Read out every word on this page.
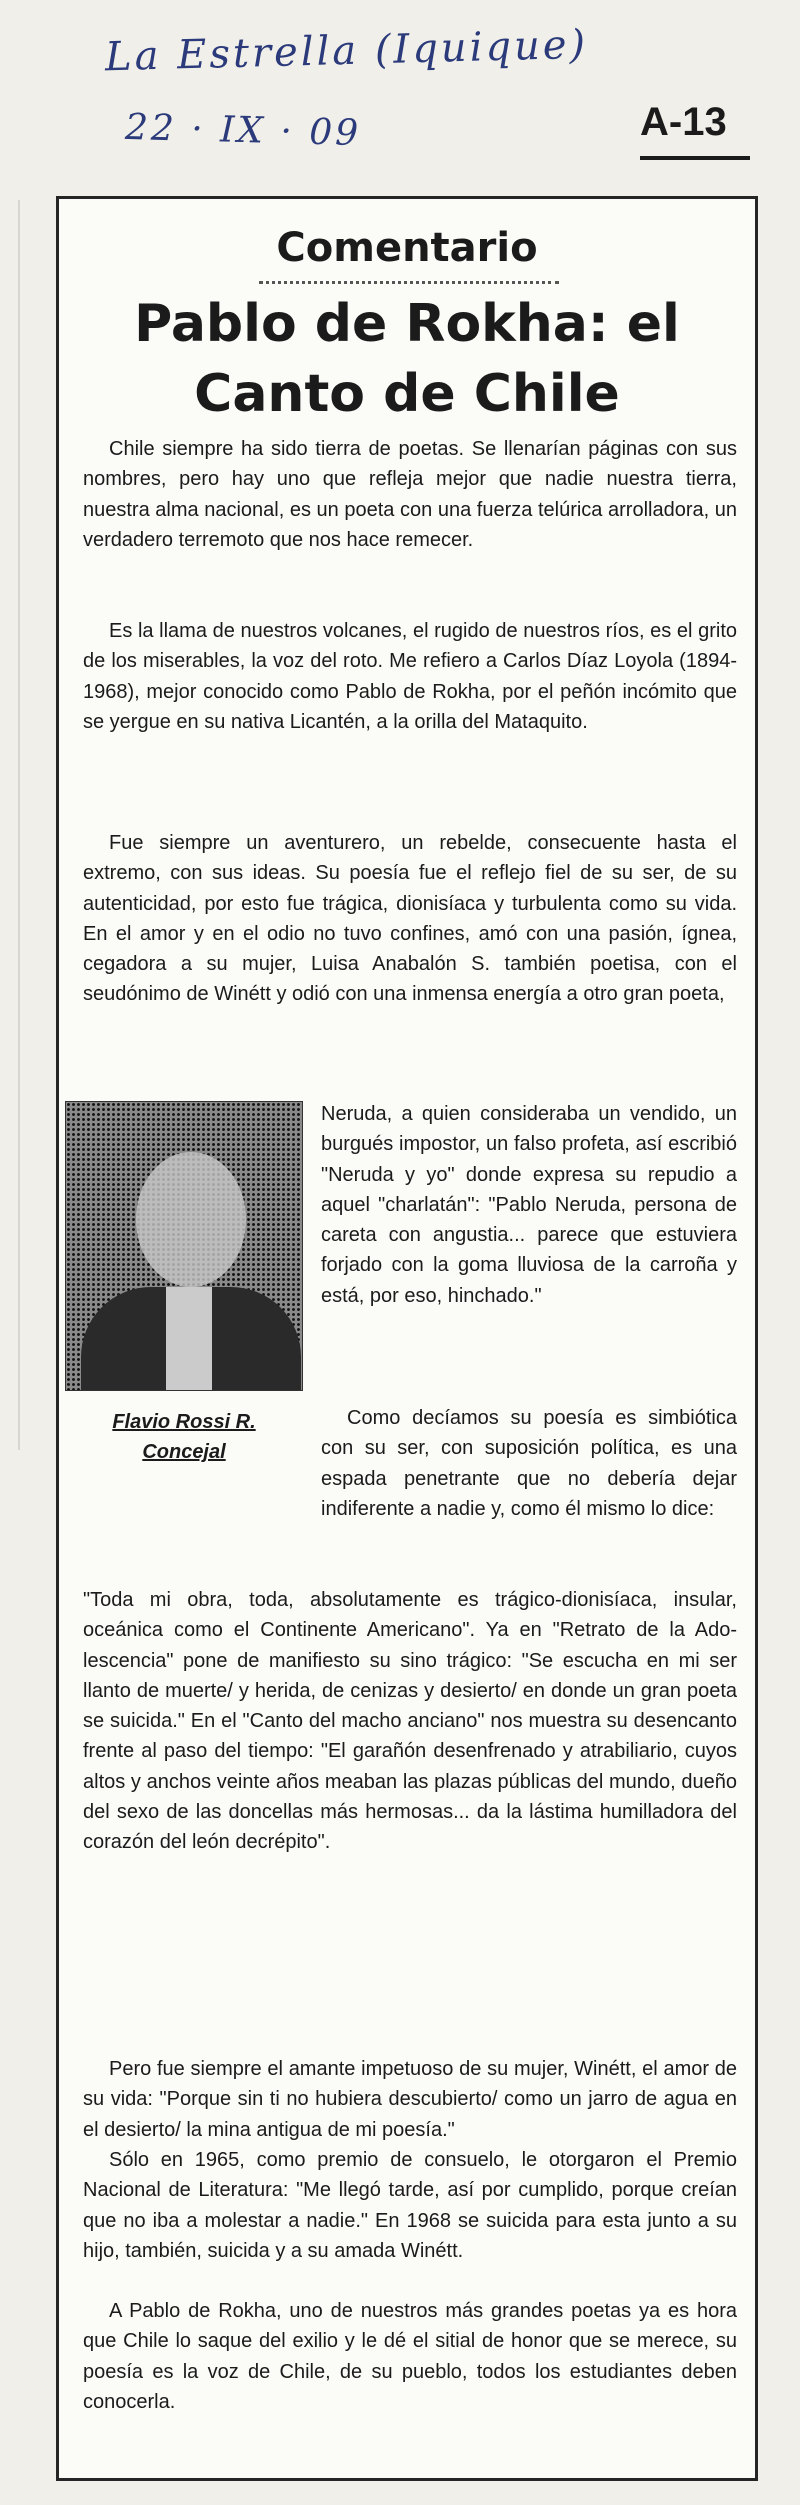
La Estrella (Iquique)
22 · IX · 09	A-13
Comentario
Pablo de Rokha: el
Canto de Chile

Chile siempre ha sido tierra de poetas. Se llenarían páginas con sus nombres, pero hay uno que refleja mejor que nadie nuestra tierra, nuestra alma nacional, es un poeta con una fuerza telúrica arrolladora, un verdadero terremoto que nos hace remecer.

Es la llama de nuestros volcanes, el rugido de nuestros ríos, es el grito de los miserables, la voz del roto. Me refiero a Carlos Díaz Loyola (1894-1968), mejor conocido como Pablo de Rokha, por el peñón incómito que se yergue en su nativa Licantén, a la orilla del Mataquito.

Fue siempre un aventurero, un rebelde, consecuente hasta el extremo, con sus ideas. Su poesía fue el reflejo fiel de su ser, de su autenticidad, por esto fue trágica, dionisíaca y turbulenta como su vida. En el amor y en el odio no tuvo confines, amó con una pasión, ígnea, cegadora a su mujer, Luisa Anabalón S. también poetisa, con el seudónimo de Winétt y odió con una inmensa energía a otro gran poeta,

Flavio Rossi R.
Concejal

Neruda, a quien consideraba un vendido, un burgués impostor, un falso profeta, así escribió "Neruda y yo" donde expresa su repudio a aquel "charlatán": "Pablo Neruda, persona de careta con angustia... parece que estuviera forjado con la goma lluviosa de la carroña y está, por eso, hinchado."

Como decíamos su poesía es simbiótica con su ser, con suposición política, es una espada penetrante que no debería dejar indiferente a nadie y, como él mismo lo dice:

"Toda mi obra, toda, absolutamente es trágico-dionisíaca, insular, oceánica como el Continente Americano". Ya en "Retrato de la Adolescencia" pone de manifiesto su sino trágico: "Se escucha en mi ser llanto de muerte/ y herida, de cenizas y desierto/ en donde un gran poeta se suicida." En el "Canto del macho anciano" nos muestra su desencanto frente al paso del tiempo: "El garañón desenfrenado y atrabiliario, cuyos altos y anchos veinte años meaban las plazas públicas del mundo, dueño del sexo de las doncellas más hermosas... da la lástima humilladora del corazón del león decrépito".

Pero fue siempre el amante impetuoso de su mujer, Winétt, el amor de su vida: "Porque sin ti no hubiera descubierto/ como un jarro de agua en el desierto/ la mina antigua de mi poesía."

Sólo en 1965, como premio de consuelo, le otorgaron el Premio Nacional de Literatura: "Me llegó tarde, así por cumplido, porque creían que no iba a molestar a nadie." En 1968 se suicida para esta junto a su hijo, también, suicida y a su amada Winétt.

A Pablo de Rokha, uno de nuestros más grandes poetas ya es hora que Chile lo saque del exilio y le dé el sitial de honor que se merece, su poesía es la voz de Chile, de su pueblo, todos los estudiantes deben conocerla.
